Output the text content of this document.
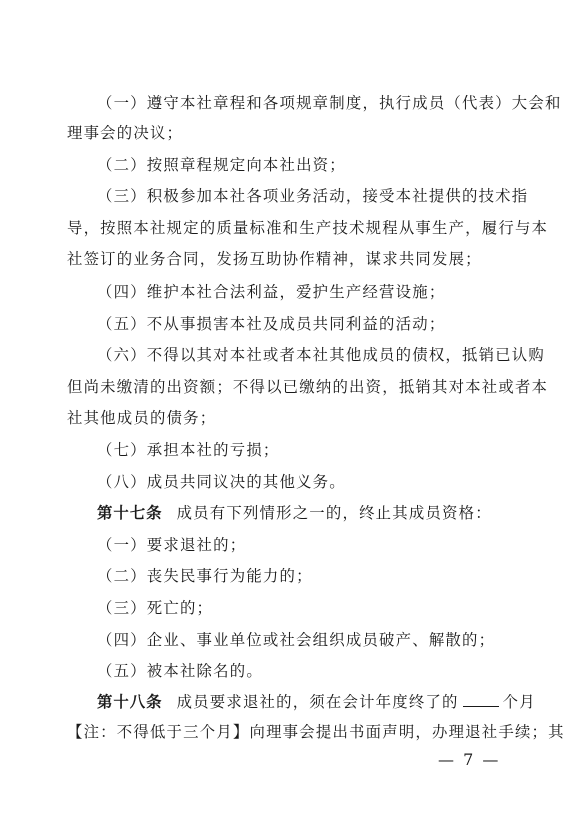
（一）遵守本社章程和各项规章制度，执行成员（代表）大会和
理事会的决议；
（二）按照章程规定向本社出资；
（三）积极参加本社各项业务活动，接受本社提供的技术指
导，按照本社规定的质量标准和生产技术规程从事生产，履行与本
社签订的业务合同，发扬互助协作精神，谋求共同发展；
（四）维护本社合法利益，爱护生产经营设施；
（五）不从事损害本社及成员共同利益的活动；
（六）不得以其对本社或者本社其他成员的债权，抵销已认购
但尚未缴清的出资额；不得以已缴纳的出资，抵销其对本社或者本
社其他成员的债务；
（七）承担本社的亏损；
（八）成员共同议决的其他义务。
第十七条 成员有下列情形之一的，终止其成员资格：
（一）要求退社的；
（二）丧失民事行为能力的；
（三）死亡的；
（四）企业、事业单位或社会组织成员破产、解散的；
（五）被本社除名的。
第十八条 成员要求退社的，须在会计年度终了的	个月
【注：不得低于三个月】向理事会提出书面声明，办理退社手续；其
— 7 —
